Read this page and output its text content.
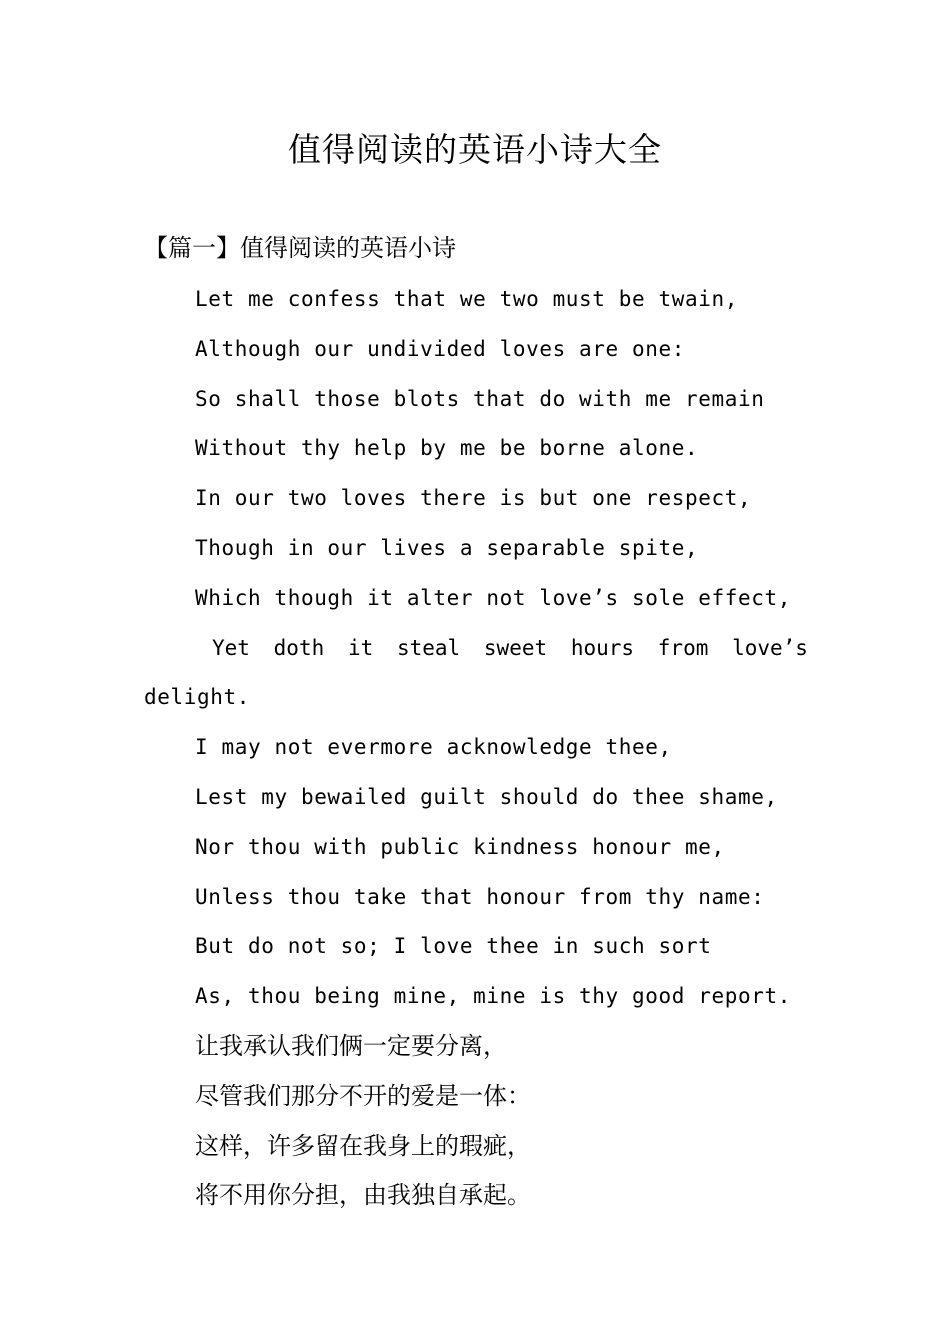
值得阅读的英语小诗大全
【篇一】值得阅读的英语小诗
Let me confess that we two must be twain,
Although our undivided loves are one:
So shall those blots that do with me remain
Without thy help by me be borne alone.
In our two loves there is but one respect,
Though in our lives a separable spite,
Which though it alter not love’s sole effect,
Yet doth it steal sweet hours from love’s
delight.
I may not evermore acknowledge thee,
Lest my bewailed guilt should do thee shame,
Nor thou with public kindness honour me,
Unless thou take that honour from thy name:
But do not so; I love thee in such sort
As, thou being mine, mine is thy good report.
让我承认我们俩一定要分离，
尽管我们那分不开的爱是一体：
这样，许多留在我身上的瑕疵，
将不用你分担，由我独自承起。
